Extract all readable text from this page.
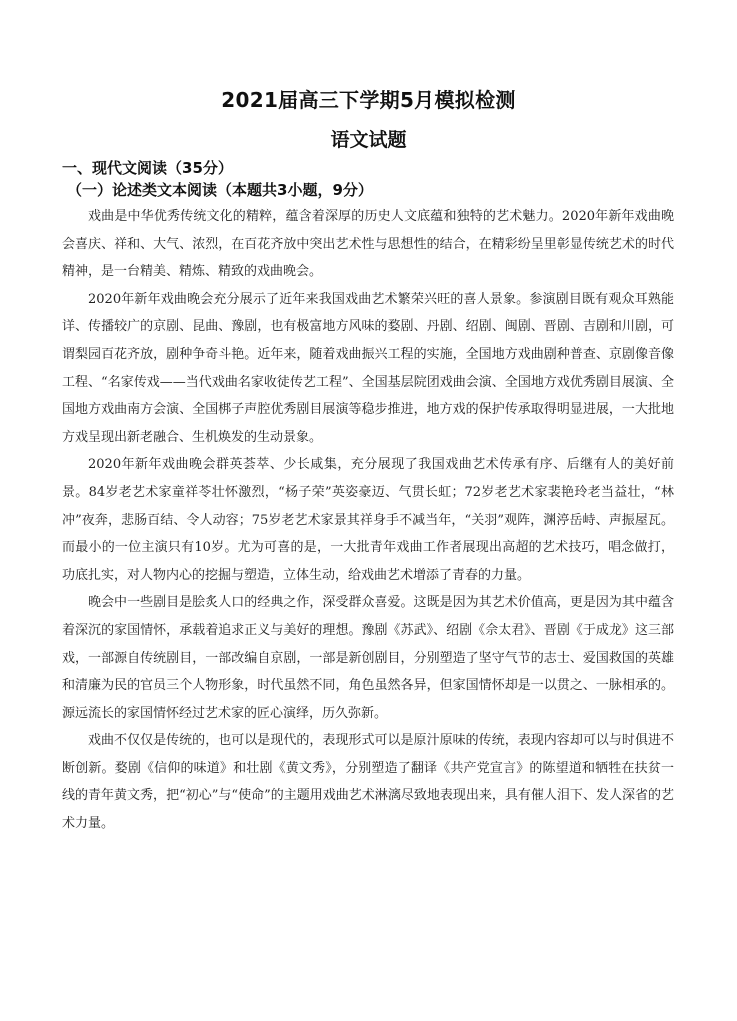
2021届高三下学期5月模拟检测
语文试题
一、现代文阅读（35分）
（一）论述类文本阅读（本题共3小题，9分）

戏曲是中华优秀传统文化的精粹，蕴含着深厚的历史人文底蕴和独特的艺术魅力。2020年新年戏曲晚会喜庆、祥和、大气、浓烈，在百花齐放中突出艺术性与思想性的结合，在精彩纷呈里彰显传统艺术的时代精神，是一台精美、精炼、精致的戏曲晚会。

2020年新年戏曲晚会充分展示了近年来我国戏曲艺术繁荣兴旺的喜人景象。参演剧目既有观众耳熟能详、传播较广的京剧、昆曲、豫剧，也有极富地方风味的婺剧、丹剧、绍剧、闽剧、晋剧、吉剧和川剧，可谓梨园百花齐放，剧种争奇斗艳。近年来，随着戏曲振兴工程的实施，全国地方戏曲剧种普查、京剧像音像工程、“名家传戏——当代戏曲名家收徒传艺工程”、全国基层院团戏曲会演、全国地方戏优秀剧目展演、全国地方戏曲南方会演、全国梆子声腔优秀剧目展演等稳步推进，地方戏的保护传承取得明显进展，一大批地方戏呈现出新老融合、生机焕发的生动景象。

2020年新年戏曲晚会群英荟萃、少长咸集，充分展现了我国戏曲艺术传承有序、后继有人的美好前景。84岁老艺术家童祥苓壮怀激烈，“杨子荣”英姿豪迈、气贯长虹；72岁老艺术家裴艳玲老当益壮，“林冲”夜奔，悲肠百结、令人动容；75岁老艺术家景其祥身手不减当年，“关羽”观阵，渊渟岳峙、声振屋瓦。而最小的一位主演只有10岁。尤为可喜的是，一大批青年戏曲工作者展现出高超的艺术技巧，唱念做打，功底扎实，对人物内心的挖掘与塑造，立体生动，给戏曲艺术增添了青春的力量。

晚会中一些剧目是脍炙人口的经典之作，深受群众喜爱。这既是因为其艺术价值高，更是因为其中蕴含着深沉的家国情怀，承载着追求正义与美好的理想。豫剧《苏武》、绍剧《佘太君》、晋剧《于成龙》这三部戏，一部源自传统剧目，一部改编自京剧，一部是新创剧目，分别塑造了坚守气节的志士、爱国救国的英雄和清廉为民的官员三个人物形象，时代虽然不同，角色虽然各异，但家国情怀却是一以贯之、一脉相承的。源远流长的家国情怀经过艺术家的匠心演绎，历久弥新。

戏曲不仅仅是传统的，也可以是现代的，表现形式可以是原汁原味的传统，表现内容却可以与时俱进不断创新。婺剧《信仰的味道》和壮剧《黄文秀》，分别塑造了翻译《共产党宣言》的陈望道和牺牲在扶贫一线的青年黄文秀，把“初心”与“使命”的主题用戏曲艺术淋漓尽致地表现出来，具有催人泪下、发人深省的艺术力量。
